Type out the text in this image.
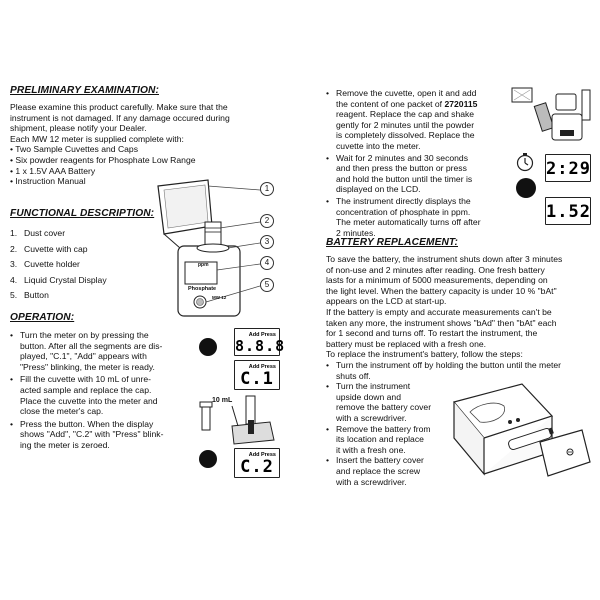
PRELIMINARY EXAMINATION:

Please examine this product carefully. Make sure that the

instrument is not damaged. If any damage occured during

shipment, please notify your Dealer.

Each MW 12 meter is supplied complete with:

• Two Sample Cuvettes and Caps

• Six powder reagents for Phosphate Low Range

• 1 x 1.5V AAA Battery

• Instruction Manual

FUNCTIONAL DESCRIPTION:
1. Dust cover
2. Cuvette with cap
3. Cuvette holder
4. Liquid Crystal Display
5. Button
ppm
Phosphate
MW 12
1
2
3
4
5
OPERATION:

• Turn the meter on by pressing the

button. After all the segments are dis-

played, "C.1", "Add" appears with

"Press" blinking, the meter is ready.

• Fill the cuvette with 10 mL of unre-

acted sample and replace the cap.

Place the cuvette into the meter and

close the meter's cap.

• Press the button. When the display

shows "Add", "C.2" with "Press" blink-

ing the meter is zeroed.

Add Press
8.8.8
Add Press
C.1
10 mL
Add Press
C.2

• Remove the cuvette, open it and add

the content of one packet of 2720115

reagent. Replace the cap and shake

gently for 2 minutes until the powder

is completely dissolved. Replace the

cuvette into the meter.

• Wait for 2 minutes and 30 seconds

and then press the button or press

and hold the button until the timer is

displayed on the LCD.

• The instrument directly displays the

concentration of phosphate in ppm.

The meter automatically turns off after

2 minutes.

2:29
1.52
BATTERY REPLACEMENT:

To save the battery, the instrument shuts down after 3 minutes

of non-use and 2 minutes after reading. One fresh battery

lasts for a minimum of 5000 measurements, depending on

the light level. When the battery capacity is under 10 % "bAt"

appears on the LCD at start-up.

If the battery is empty and accurate measurements can't be

taken any more, the instrument shows "bAd" then "bAt" each

for 1 second and turns off. To restart the instrument, the

battery must be replaced with a fresh one.

To replace the instrument's battery, follow the steps:

• Turn the instrument off by holding the button until the meter

shuts off.

• Turn the instrument

upside down and

remove the battery cover

with a screwdriver.

• Remove the battery from

its location and replace

it with a fresh one.

• Insert the battery cover

and replace the screw

with a screwdriver.
